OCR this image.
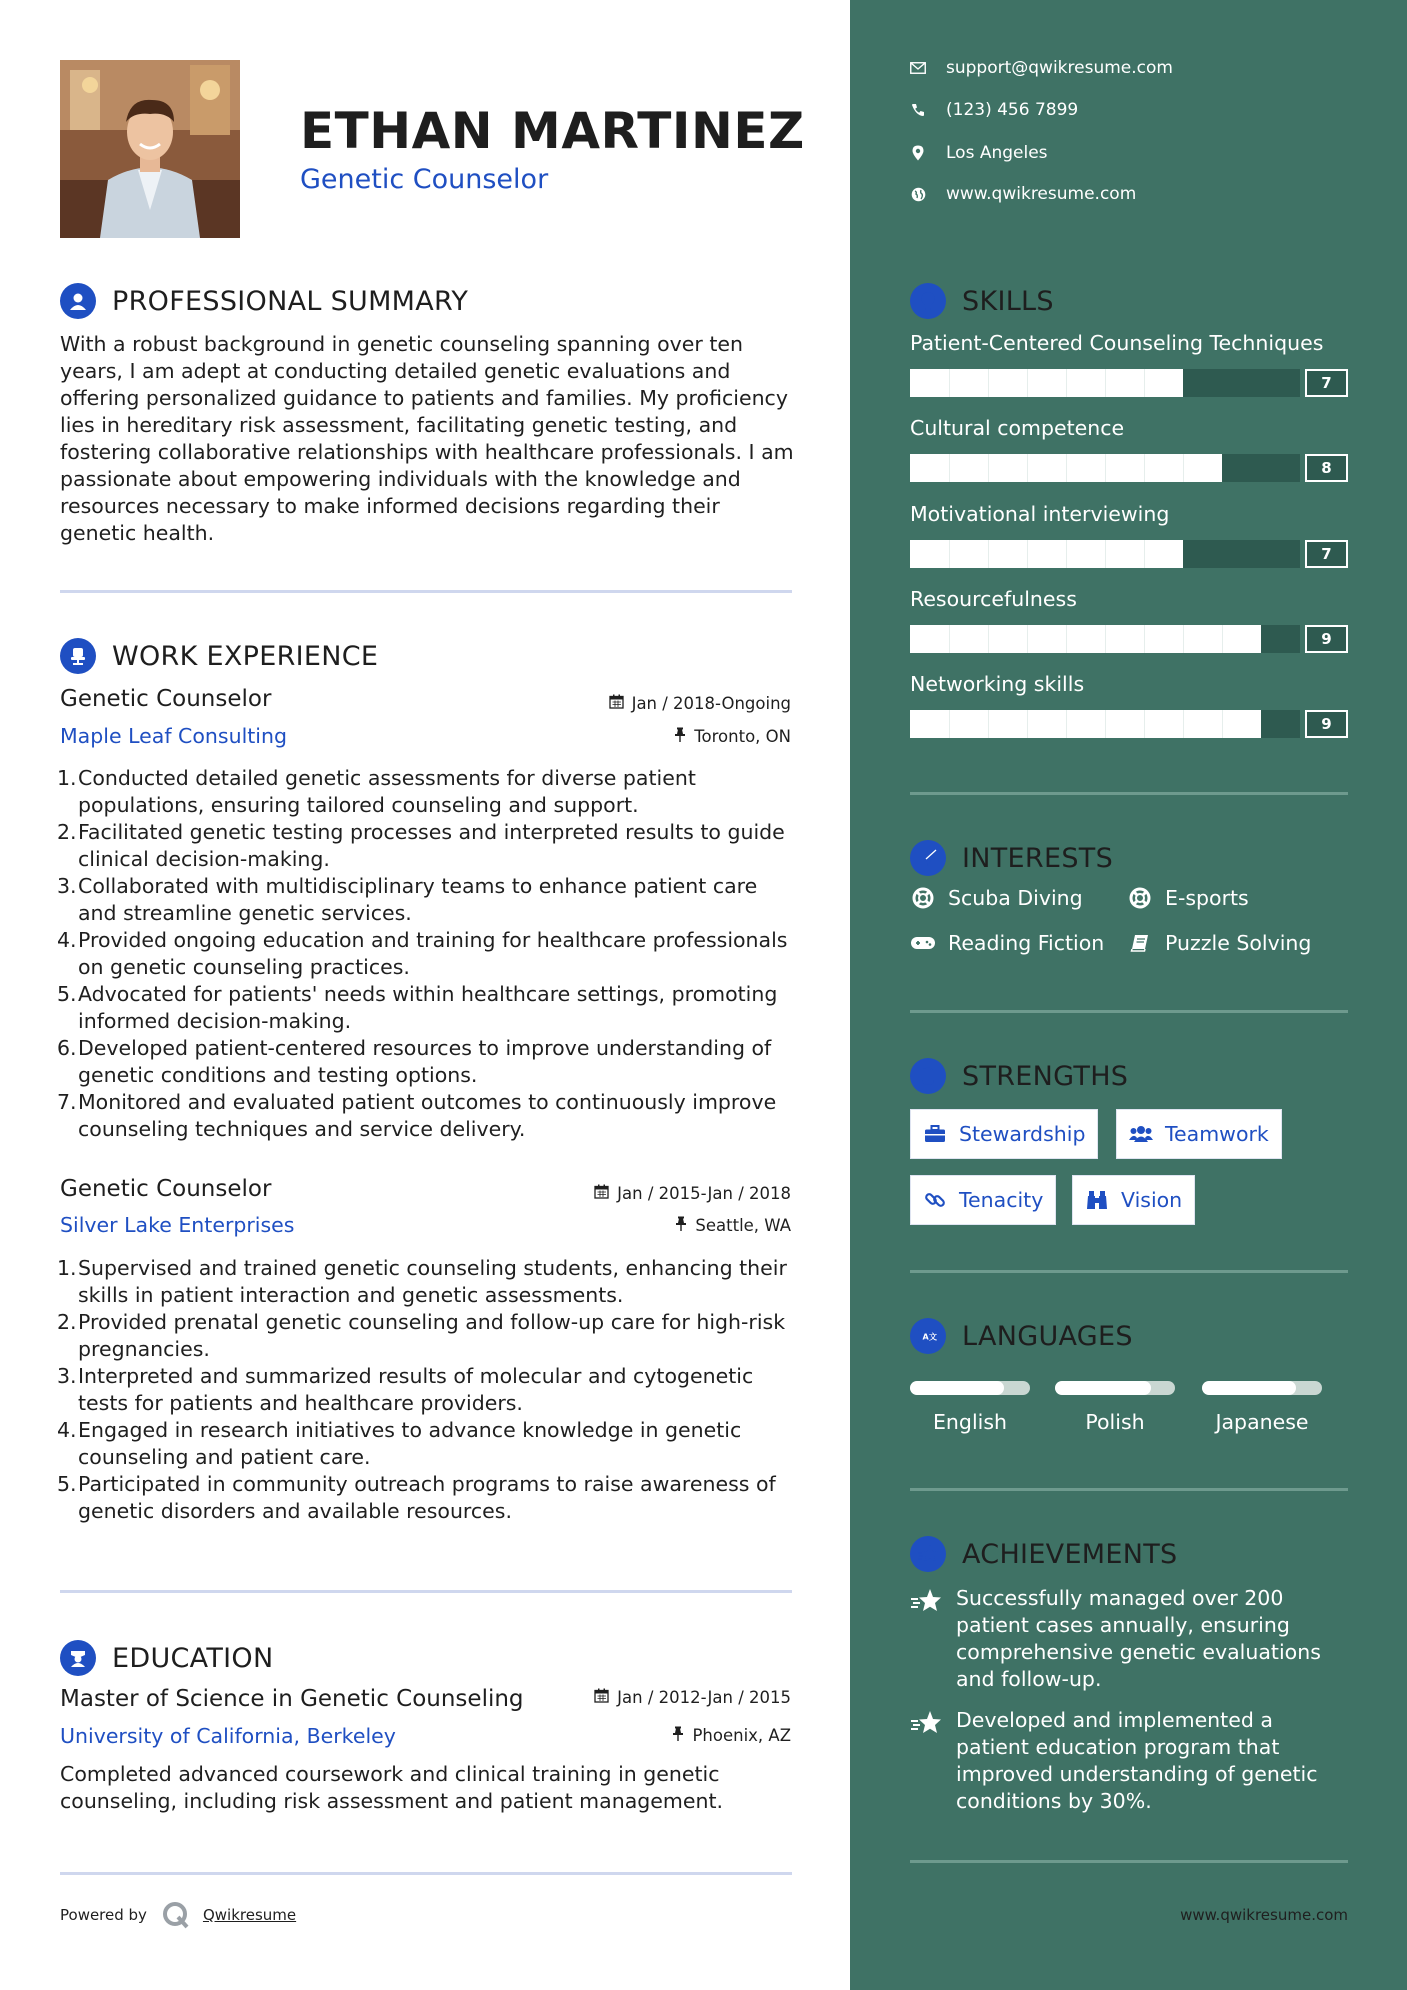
ETHAN MARTINEZ
Genetic Counselor
PROFESSIONAL SUMMARY
With a robust background in genetic counseling spanning over ten years, I am adept at conducting detailed genetic evaluations and offering personalized guidance to patients and families. My proficiency lies in hereditary risk assessment, facilitating genetic testing, and fostering collaborative relationships with healthcare professionals. I am passionate about empowering individuals with the knowledge and resources necessary to make informed decisions regarding their genetic health.
WORK EXPERIENCE
Genetic Counselor	Jan / 2018-Ongoing
Maple Leaf Consulting	Toronto, ON
Conducted detailed genetic assessments for diverse patient populations, ensuring tailored counseling and support.
Facilitated genetic testing processes and interpreted results to guide clinical decision-making.
Collaborated with multidisciplinary teams to enhance patient care and streamline genetic services.
Provided ongoing education and training for healthcare professionals on genetic counseling practices.
Advocated for patients' needs within healthcare settings, promoting informed decision-making.
Developed patient-centered resources to improve understanding of genetic conditions and testing options.
Monitored and evaluated patient outcomes to continuously improve counseling techniques and service delivery.
Genetic Counselor	Jan / 2015-Jan / 2018
Silver Lake Enterprises	Seattle, WA
Supervised and trained genetic counseling students, enhancing their skills in patient interaction and genetic assessments.
Provided prenatal genetic counseling and follow-up care for high-risk pregnancies.
Interpreted and summarized results of molecular and cytogenetic tests for patients and healthcare providers.
Engaged in research initiatives to advance knowledge in genetic counseling and patient care.
Participated in community outreach programs to raise awareness of genetic disorders and available resources.
EDUCATION
Master of Science in Genetic Counseling	Jan / 2012-Jan / 2015
University of California, Berkeley	Phoenix, AZ
Completed advanced coursework and clinical training in genetic counseling, including risk assessment and patient management.
Powered by	Qwikresume
support@qwikresume.com
(123) 456 7899
Los Angeles
www.qwikresume.com
SKILLS
Patient-Centered Counseling Techniques
7
Cultural competence
8
Motivational interviewing
7
Resourcefulness
9
Networking skills
9
INTERESTS
Scuba Diving	E-sports
Reading Fiction	Puzzle Solving
STRENGTHS
Stewardship	Teamwork
Tenacity	Vision
A 文 LANGUAGES
English	Polish	Japanese
ACHIEVEMENTS
Successfully managed over 200 patient cases annually, ensuring comprehensive genetic evaluations and follow-up.
Developed and implemented a patient education program that improved understanding of genetic conditions by 30%.
www.qwikresume.com
